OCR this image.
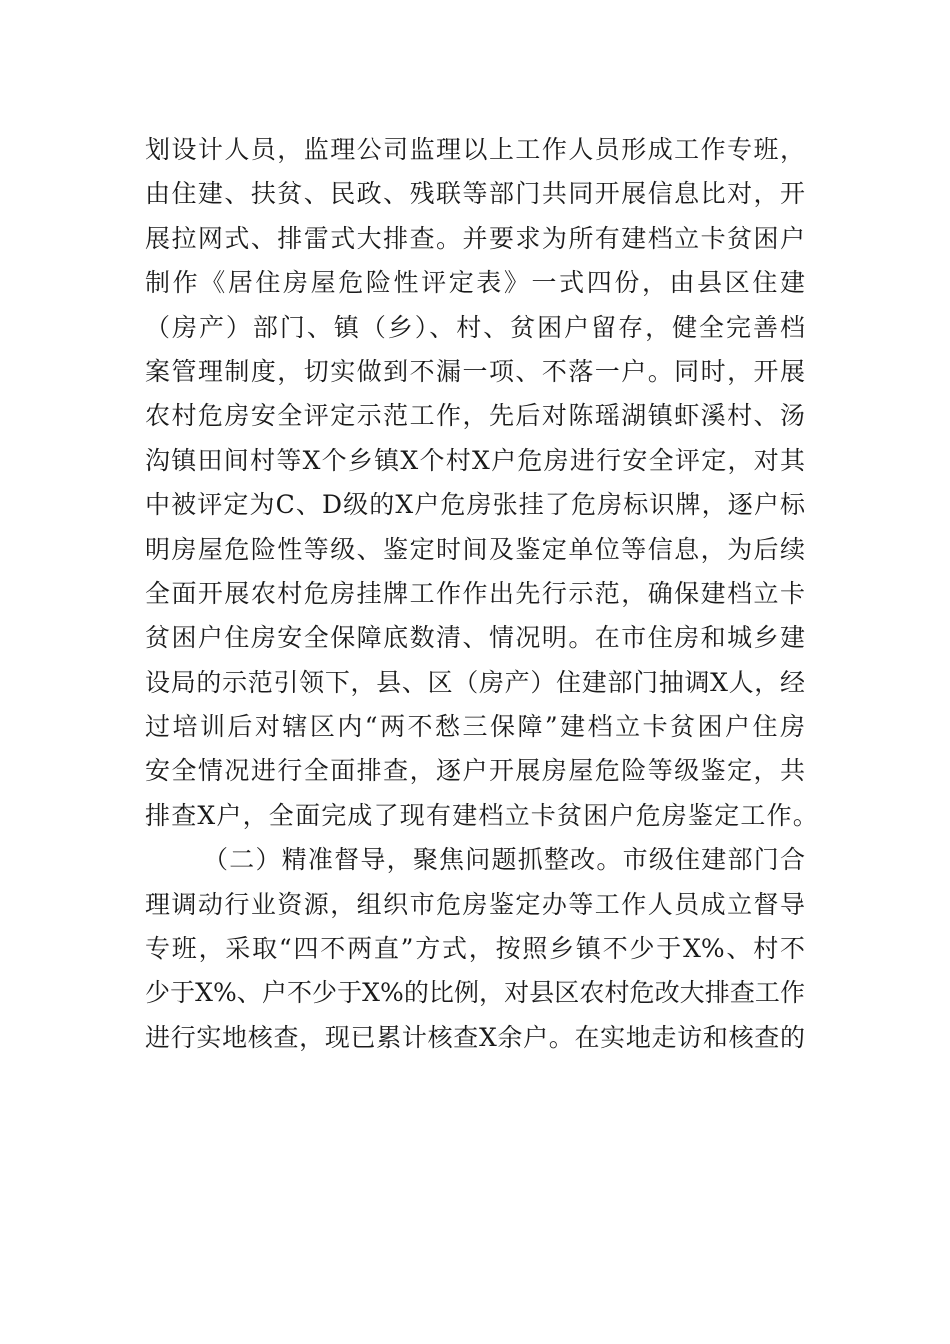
划设计人员，监理公司监理以上工作人员形成工作专班，
由住建、扶贫、民政、残联等部门共同开展信息比对，开
展拉网式、排雷式大排查。并要求为所有建档立卡贫困户
制作《居住房屋危险性评定表》一式四份，由县区住建
（房产）部门、镇（乡）、村、贫困户留存，健全完善档
案管理制度，切实做到不漏一项、不落一户。同时，开展
农村危房安全评定示范工作，先后对陈瑶湖镇虾溪村、汤
沟镇田间村等X个乡镇X个村X户危房进行安全评定，对其
中被评定为C、D级的X户危房张挂了危房标识牌，逐户标
明房屋危险性等级、鉴定时间及鉴定单位等信息，为后续
全面开展农村危房挂牌工作作出先行示范，确保建档立卡
贫困户住房安全保障底数清、情况明。在市住房和城乡建
设局的示范引领下，县、区（房产）住建部门抽调X人，经
过培训后对辖区内“两不愁三保障”建档立卡贫困户住房
安全情况进行全面排查，逐户开展房屋危险等级鉴定，共
排查X户，全面完成了现有建档立卡贫困户危房鉴定工作。
（二）精准督导，聚焦问题抓整改。市级住建部门合
理调动行业资源，组织市危房鉴定办等工作人员成立督导
专班，采取“四不两直”方式，按照乡镇不少于X%、村不
少于X%、户不少于X%的比例，对县区农村危改大排查工作
进行实地核查，现已累计核查X余户。在实地走访和核查的
